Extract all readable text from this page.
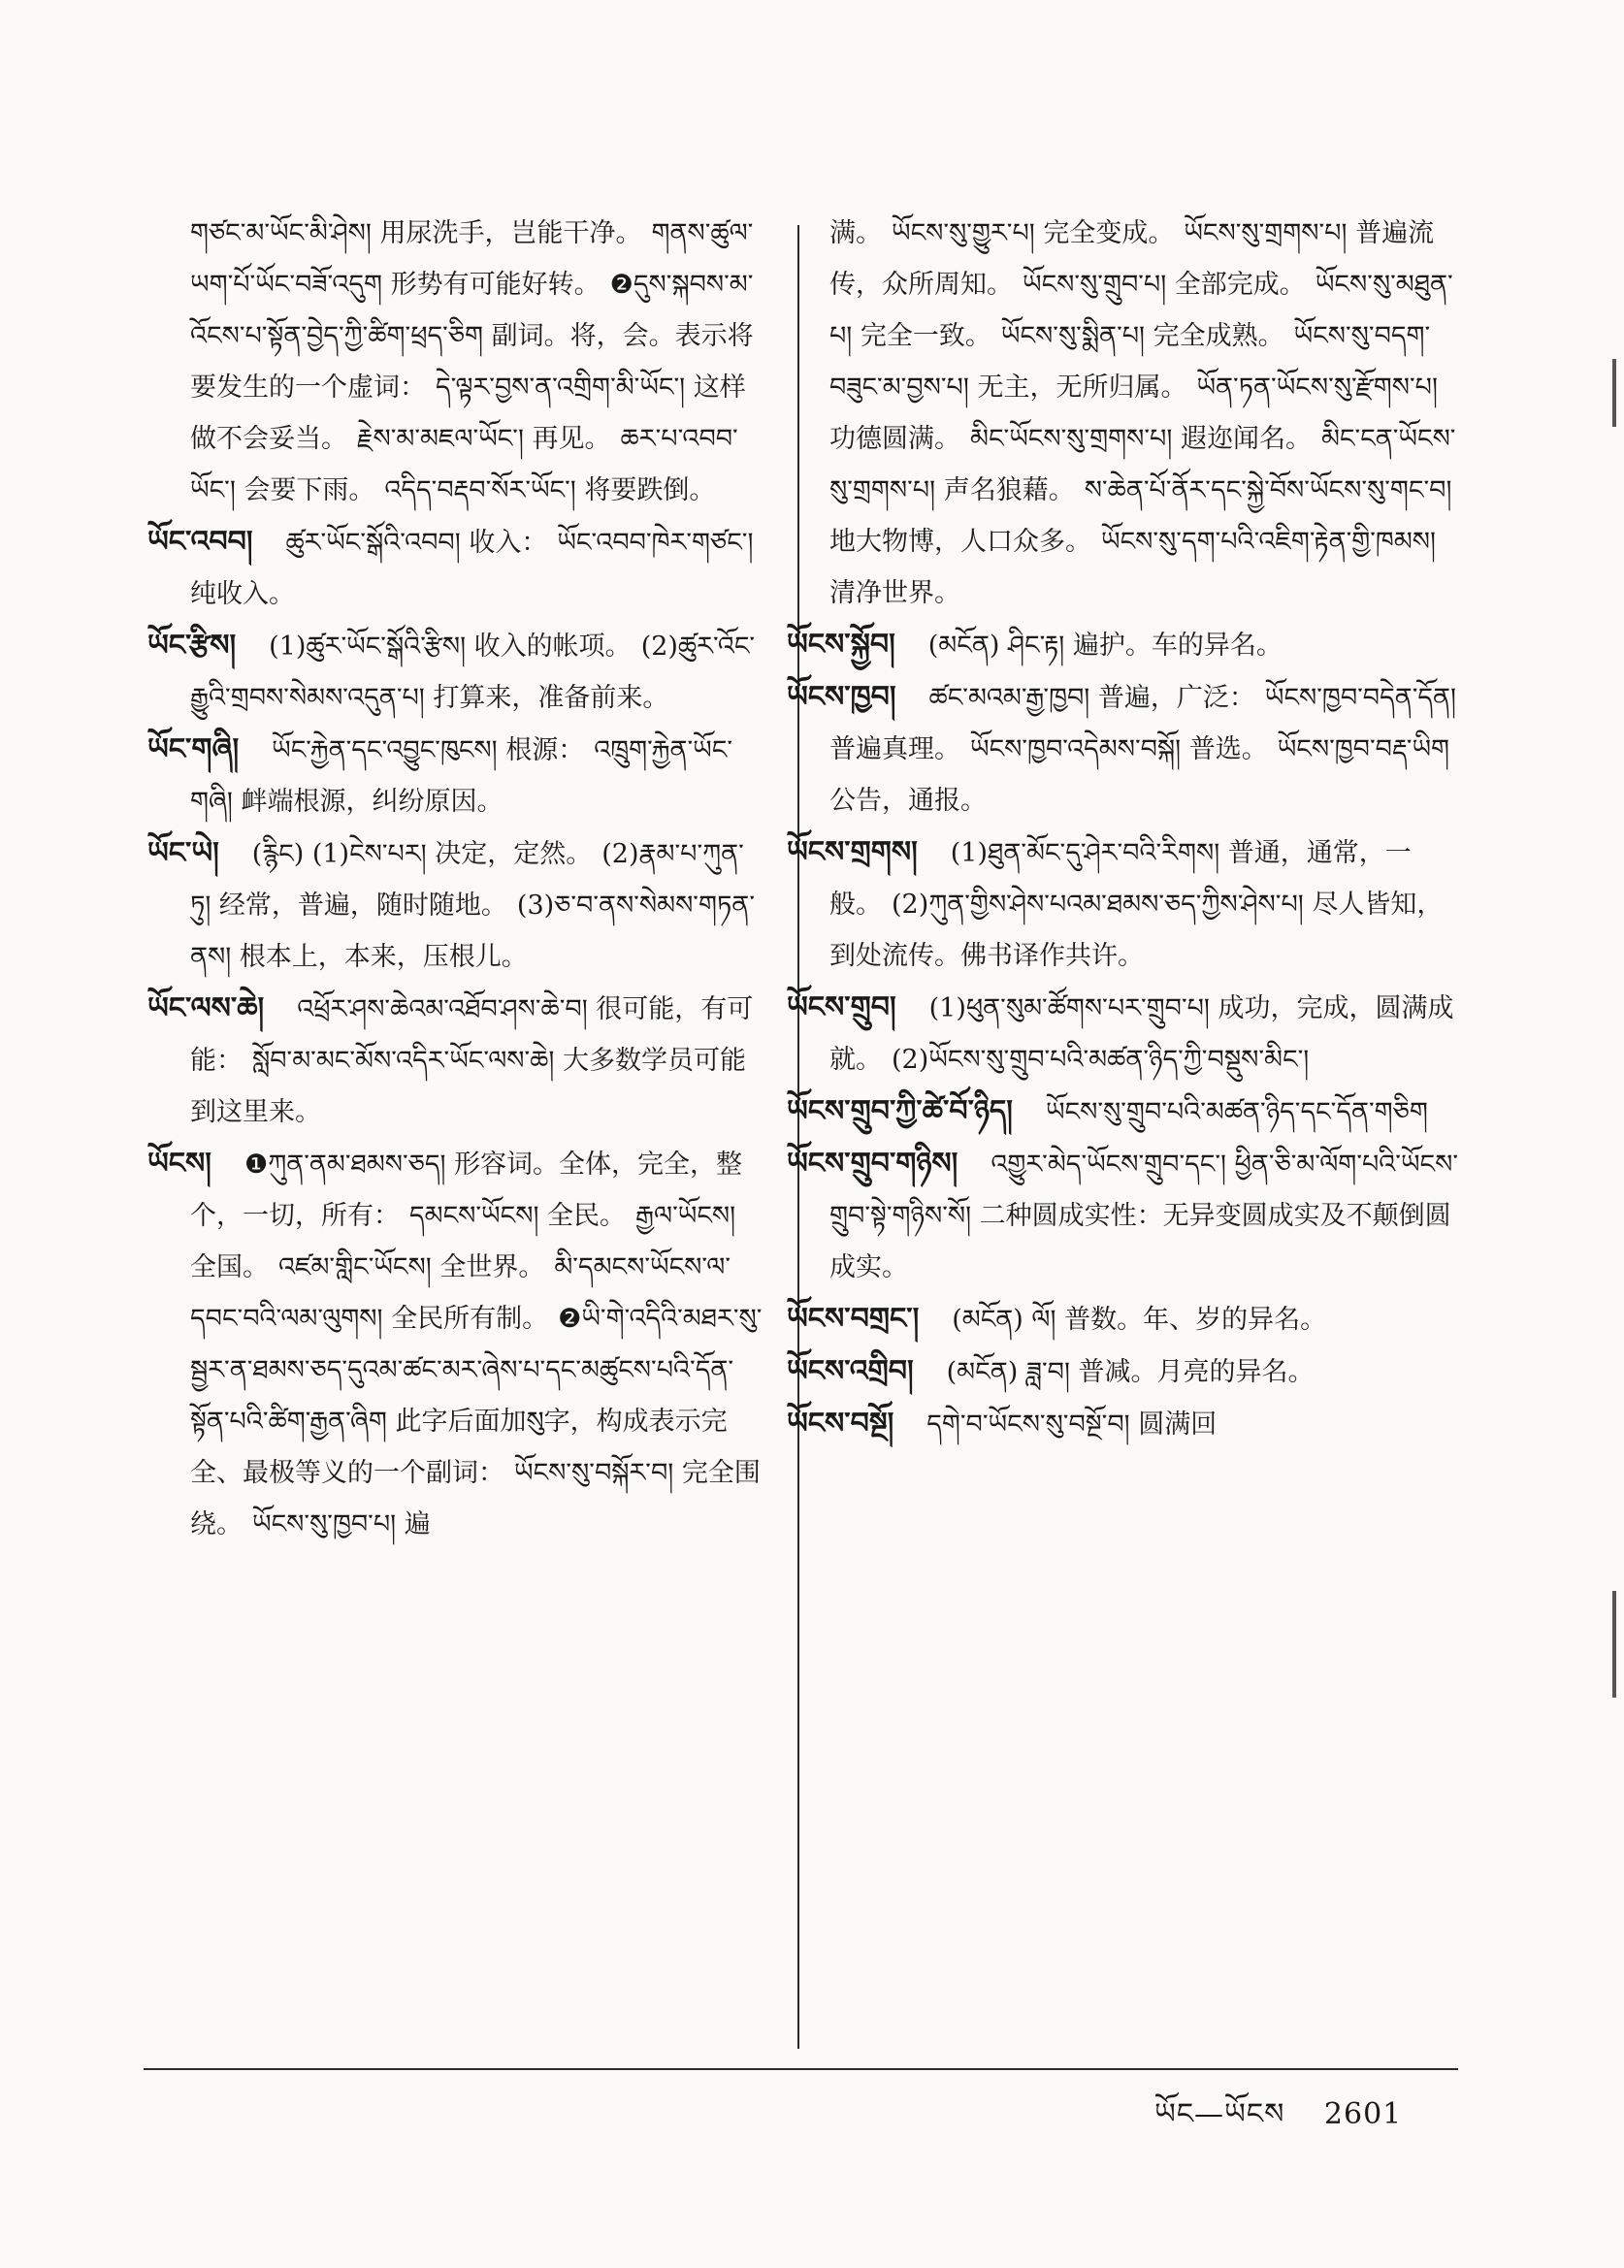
གཙང་མ་ཡོང་མི་ཤེས། 用尿洗手，岂能干净。 གནས་ཚུལ་ཡག་པོ་ཡོང་བཟོ་འདུག 形势有可能好转。 ❷དུས་སྐབས་མ་འོངས་པ་སྟོན་བྱེད་ཀྱི་ཚིག་ཕྲད་ཅིག 副词。将，会。表示将要发生的一个虚词： དེ་ལྟར་བྱས་ན་འགྲིག་མི་ཡོང་། 这样做不会妥当。 རྗེས་མ་མཇལ་ཡོང་། 再见。 ཆར་པ་འབབ་ཡོང་། 会要下雨。 འདིད་བརྡབ་སོར་ཡོང་། 将要跌倒。

ཡོང་འབབ། ཚུར་ཡོང་སྒོའི་འབབ། 收入： ཡོང་འབབ་ཁེར་གཙང་། 纯收入。

ཡོང་རྩིས། (1)ཚུར་ཡོང་སྒོའི་རྩིས། 收入的帐项。 (2)ཚུར་འོང་རྒྱུའི་གྲབས་སེམས་འདུན་པ། 打算来，准备前来。

ཡོང་གཞི། ཡོང་རྐྱེན་དང་འབྱུང་ཁུངས། 根源： འཁྲུག་རྐྱེན་ཡོང་གཞི། 衅端根源，纠纷原因。

ཡོང་ཡེ། (རྙིང) (1)ངེས་པར། 决定，定然。 (2)རྣམ་པ་ཀུན་ཏུ། 经常，普遍，随时随地。 (3)ཅ་བ་ནས་སེམས་གཏན་ནས། 根本上，本来，压根儿。

ཡོང་ལས་ཆེ། འཕྲོར་ཤས་ཆེའམ་འཐོབ་ཤས་ཆེ་བ། 很可能，有可能： སློབ་མ་མང་མོས་འདིར་ཡོང་ལས་ཆེ། 大多数学员可能到这里来。

ཡོངས། ❶ཀུན་ནམ་ཐམས་ཅད། 形容词。全体，完全，整个，一切，所有： དམངས་ཡོངས། 全民。 རྒྱལ་ཡོངས། 全国。 འཛམ་གླིང་ཡོངས། 全世界。 མི་དམངས་ཡོངས་ལ་དབང་བའི་ལམ་ལུགས། 全民所有制。 ❷ཡི་གེ་འདིའི་མཐར་སུ་སྦྱར་ན་ཐམས་ཅད་དུའམ་ཚང་མར་ཞེས་པ་དང་མཚུངས་པའི་དོན་སྟོན་པའི་ཚིག་རྒྱན་ཞིག 此字后面加སུ字，构成表示完全、最极等义的一个副词： ཡོངས་སུ་བསྐོར་བ། 完全围绕。 ཡོངས་སུ་ཁྱབ་པ། 遍

满。 ཡོངས་སུ་གྱུར་པ། 完全变成。 ཡོངས་སུ་གྲགས་པ། 普遍流传，众所周知。 ཡོངས་སུ་གྲུབ་པ། 全部完成。 ཡོངས་སུ་མཐུན་པ། 完全一致。 ཡོངས་སུ་སྨིན་པ། 完全成熟。 ཡོངས་སུ་བདག་བཟུང་མ་བྱས་པ། 无主，无所归属。 ཡོན་ཏན་ཡོངས་སུ་རྫོགས་པ། 功德圆满。 མིང་ཡོངས་སུ་གྲགས་པ། 遐迩闻名。 མིང་ངན་ཡོངས་སུ་གྲགས་པ། 声名狼藉。 ས་ཆེན་པོ་ནོར་དང་སྐྱེ་བོས་ཡོངས་སུ་གང་བ། 地大物博，人口众多。 ཡོངས་སུ་དག་པའི་འཇིག་རྟེན་གྱི་ཁམས། 清净世界。

ཡོངས་སྐྱོབ། (མངོན) ཤིང་རྟ། 遍护。车的异名。

ཡོངས་ཁྱབ། ཚང་མའམ་རྒྱ་ཁྱབ། 普遍，广泛： ཡོངས་ཁྱབ་བདེན་དོན། 普遍真理。 ཡོངས་ཁྱབ་འདེམས་བསྐོ། 普选。 ཡོངས་ཁྱབ་བརྡ་ཡིག 公告，通报。

ཡོངས་གྲགས། (1)ཐུན་མོང་དུ་ཤེར་བའི་རིགས། 普通，通常，一般。 (2)ཀུན་གྱིས་ཤེས་པའམ་ཐམས་ཅད་ཀྱིས་ཤེས་པ། 尽人皆知，到处流传。佛书译作共许。

ཡོངས་གྲུབ། (1)ཕུན་སུམ་ཚོགས་པར་གྲུབ་པ། 成功，完成，圆满成就。 (2)ཡོངས་སུ་གྲུབ་པའི་མཚན་ཉིད་ཀྱི་བསྡུས་མིང་།

ཡོངས་གྲུབ་ཀྱི་ཚེ་བོ་ཉིད། ཡོངས་སུ་གྲུབ་པའི་མཚན་ཉིད་དང་དོན་གཅིག

ཡོངས་གྲུབ་གཉིས། འགྱུར་མེད་ཡོངས་གྲུབ་དང་། ཕྱིན་ཅི་མ་ལོག་པའི་ཡོངས་གྲུབ་སྟེ་གཉིས་སོ། 二种圆成实性：无异变圆成实及不颠倒圆成实。

ཡོངས་བགྲང་། (མངོན) ལོ། 普数。年、岁的异名。

ཡོངས་འགྲིབ། (མངོན) ཟླ་བ། 普减。月亮的异名。

ཡོངས་བསྔོ། དགེ་བ་ཡོངས་སུ་བསྔོ་བ། 圆满回

ཡོང—ཡོངས 2601
